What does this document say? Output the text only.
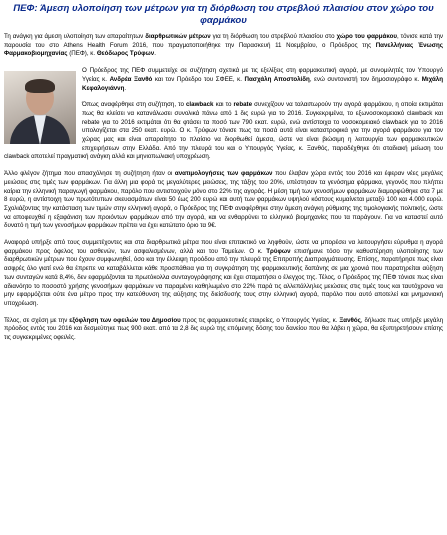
ΠΕΦ: Άμεση υλοποίηση των μέτρων για τη διόρθωση του στρεβλού πλαισίου στον χώρο του φαρμάκου

Τη ανάγκη για άμεση υλοποίηση των απαραίτητων διαρθρωτικών μέτρων για τη διόρθωση του στρεβλού πλαισίου στο χώρο του φαρμάκου, τόνισε κατά την παρουσία του στο Athens Health Forum 2016, που πραγματοποιήθηκε την Παρασκευή 11 Νοεμβρίου, ο Πρόεδρος της Πανελλήνιας Ένωσης Φαρμακοβιομηχανίας (ΠΕΦ), κ. Θεόδωρος Τρύφων.

Ο Πρόεδρος της ΠΕΦ συμμετείχε σε συζήτηση σχετικά με τις εξελίξεις στη φαρμακευτική αγορά, με συνομιλητές τον Υπουργό Υγείας κ. Ανδρέα Ξανθό και τον Πρόεδρο του ΣΦΕΕ, κ. Πασχάλη Αποστολίδη, ενώ συντονιστή τον δημοσιογράφο κ. Μιχάλη Κεφαλογιάννη.

Όπως αναφέρθηκε στη συζήτηση, το clawback και το rebate συνεχίζουν να ταλαιπωρούν την αγορά φαρμάκου, η οποία εκτιμάται πως θα κλείσει να κατανάλωσει συνολικά πάνω από 1 δις ευρώ για το 2016. Συγκεκριμένα, το εξωνοσοκομειακό clawback και rebate για το 2016 εκτιμάται ότι θα φτάσει τα ποσό των 790 εκατ. ευρώ, ενώ αντίστοιχα το νοσοκομειακό clawback για το 2016 υπολογίζεται στα 250 εκατ. ευρώ. Ο κ. Τρύφων τόνισε πως τα ποσά αυτά είναι καταστροφικά για την αγορά φαρμάκου για τον χώρας μας και είναι απαραίτητο το πλαίσιο να διορθωθεί άμεσα, ώστε να είναι βιώσιμη η λειτουργία των φαρμακευτικών επιχειρήσεων στην Ελλάδα. Από την πλευρά του και ο Υπουργός Υγείας, κ. Ξανθός, παραδέχθηκε ότι σταδιακή μείωση του clawback αποτελεί πραγματική ανάγκη αλλά και μηνιοπωλιακή υποχρέωση.

Άλλο φλέγον ζήτημα που απασχόλησε τη συζήτηση ήταν οι ανατιμολογήσεις των φαρμάκων που έλαβαν χώρα εντός του 2016 και έφεραν νέες μεγάλες μειώσεις στις τιμές των φαρμάκων. Για άλλη μια φορά τις μεγαλύτερες μειώσεις, της τάξης του 20%, υπέστησαν τα γενόσημα φάρμακα, γεγονός που πλήττει καίρια την ελληνική παραγωγή φαρμάκου, παρόλο που αντιστοιχούν μόνο στο 22% της αγοράς. Η μέση τιμή των γενοσήμων φαρμάκων διαμορφώθηκε στα 7 με 8 ευρώ, η αντίστοιχη των πρωτότυπων σκευασμάτων είναι 50 έως 200 ευρώ και αυτή των φαρμάκων υψηλού κόστους κυμαίνεται μεταξύ 100 και 4.000 ευρώ. Σχολιάζοντας την κατάσταση των τιμών στην ελληνική αγορά, ο Πρόεδρος της ΠΕΦ αναφέρθηκε στην άμεση ανάγκη ρύθμισης της τιμολογιακής πολιτικής, ώστε να αποφευχθεί η εξαφάνιση των προιόντων φαρμάκων από την αγορά, και να ενθαρρύνει το ελληνικό βιομηχανίες που τα παράγουν. Για να καταστεί αυτό δυνατό η τιμή των γενοσήμων φαρμάκων πρέπει να έχει κατώτατο όριο τα 9€.

Αναφορά υπήρξε από τους συμμετέχοντες και στα διαρθρωτικά μέτρα που είναι επιτακτικό να ληφθούν, ώστε να μπορέσει να λειτουργήσει εύρυθμα η αγορά φαρμάκου προς όφελος του ασθενών, των ασφαλισμένων, αλλά και του Ταμείων. Ο κ. Τρύφων επισήμανε τόσο την καθυστέρηση υλοποίησης των διαρθρωτικών μέτρων που έχουν συμφωνηθεί, όσο και την έλλειψη προόδου από την πλευρά της Επιτροπής Διαπραγμάτευσης. Επίσης, παρατήρησε πως είναι ασφρές όλο γιατί ενώ θα έπρεπε να καταβάλλεται κάθε προσπάθεια για τη συγκράτηση της φαρμακευτικής δαπάνης σε μια χρονιά που παρατηρείται αύξηση των συνταγών κατά 8,4%, δεν εφαρμόζονται τα πρωτόκολλα συνταγογράφησης και έχει σταματήσει ο έλεγχος της. Τέλος, ο Πρόεδρος της ΠΕΦ τόνισε πως είναι αδιανόητο το ποσοστό χρήσης γενοσήμων φαρμάκων να παραμένει καθηλωμένο στο 22% παρά τις αλλεπάλληλες μειώσεις στις τιμές τους και ταυτόχρονα να μην εφαρμόζεται ούτε ένα μέτρο προς την κατεύθυνση της αύξησης της διείσδυσής τους στην ελληνική αγορά, παρόλο που αυτό αποτελεί και μνημονιακή υποχρέωση.

Τέλος, σε σχέση με την εξόφληση των οφειλών του Δημοσίου προς τις φαρμακευτικές εταιρείες, ο Υπουργός Υγείας, κ. Ξανθός, δήλωσε πως υπήρξε μεγάλη πρόοδος εντός του 2016 και δεσμεύτηκε πως 900 εκατ. από τα 2,8 δις ευρώ της επόμενης δόσης του δανείου που θα λάβει η χώρα, θα εξυπηρετήσουν επίσης τις συγκεκριμένες οφειλές.
